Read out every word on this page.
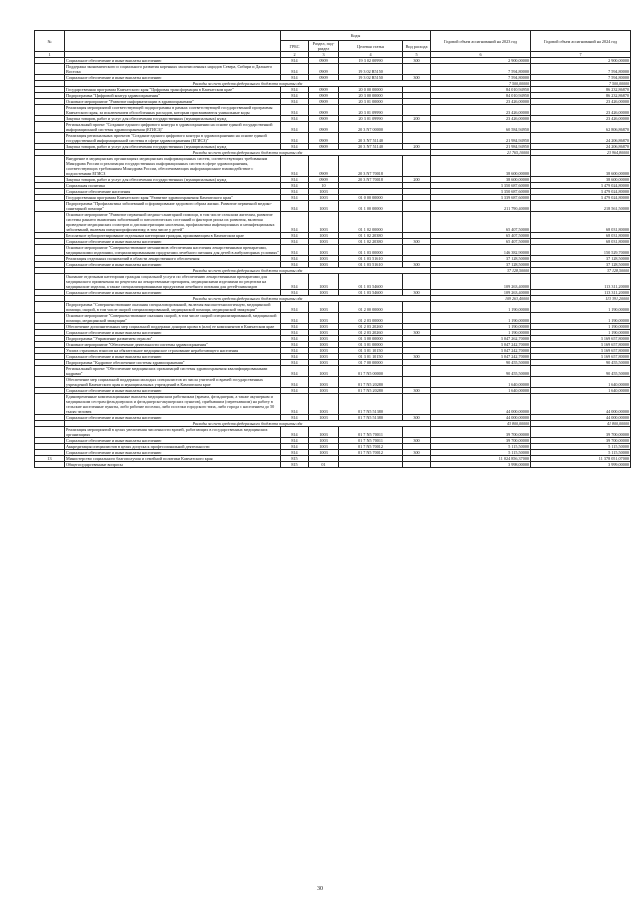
№		Коды				Годовой объем ассигнований на 2023 год	Годовой объем ассигнований на 2024 год
		ГРБС	Раздел, под-раздел	Целевая статья	Вид расхода		
1		2	3	4	5	6	7
	Социальное обеспечение и иные выплаты населению	814	0909	19 3 02 00990	300	2 900,00000	2 900,00000
	Поддержка экономического и социального развития коренных малочисленных народов Севера, Сибири и Дальнего Востока	814	0909	19 3 02 R5150		7 594,80000	7 594,80000
	Социальное обеспечение и иные выплаты населению	814	0909	19 3 02 R5150	300	7 594,80000	7 594,80000
	Расходы за счет средств федерального бюджета покрыты ода					7 500,00000	7 500,00000
	Государственная программа Камчатского края "Цифровая трансформация в Камчатском крае"	814	0909	20 0 00 00000		84 010,94950	86 232,86870
	Подпрограмма "Цифровой контур здравоохранения"	814	0909	20 3 00 00000		84 010,94950	86 232,86870
	Основное мероприятие "Развитие информатизации в здравоохранении"	814	0909	20 3 01 00000		23 426,00000	23 426,00000
	Реализация мероприятий соответствующей подпрограммы в рамках соответствующей государственной программы Камчатского края, за исключением обособленных расходов, которым присваиваются уникальные коды	814	0909	20 3 01 09990		23 426,00000	23 426,00000
	Закупка товаров, работ и услуг для обеспечения государственных (муниципальных) нужд	814	0909	20 3 01 09990	200	23 426,00000	23 426,00000
	Региональный проект "Создание единого цифрового контура в здравоохранении на основе единой государственной информационной системы здравоохранения (ЕГИСЗ)"	814	0909	20 3 N7 00000		60 584,94950	62 806,86870
	Реализация региональных проектов "Создание единого цифрового контура в здравоохранении на основе единой государственной информационной системы в сфере здравоохранения (ЕГИСЗ)"	814	0909	20 3 N7 51140		21 984,94950	24 206,86870
	Закупка товаров, работ и услуг для обеспечения государственных (муниципальных) нужд	814	0909	20 3 N7 51140	200	21 984,94950	24 206,86870
	Расходы за счет средств федерального бюджета покрыты ода					21 765,10000	23 964,80000
	Внедрение в медицинских организациях медицинских информационных систем, соответствующих требованиям Минздрава России и реализация государственных информационных систем в сфере здравоохранения, соответствующих требованиям Минздрава России, обеспечивающих информационное взаимодействие с подсистемами ЕГИСЗ	814	0909	20 3 N7 70018		38 600,00000	38 600,00000
	Закупка товаров, работ и услуг для обеспечения государственных (муниципальных) нужд	814	0909	20 3 N7 70018	200	38 600,00000	38 600,00000
	Социальная политика	814	10			3 350 687,60000	3 479 024,80000
	Социальное обеспечение населения	814	1003			3 350 687,60000	3 479 024,80000
	Государственная программа Камчатского края "Развитие здравоохранения Камчатского края"	814	1003	01 0 00 00000		3 339 687,60000	3 479 024,80000
	Подпрограмма "Профилактика заболеваний и формирование здорового образа жизни. Развитие первичной медико-санитарной помощи"	814	1003	01 1 00 00000		211 790,40000	218 561,50000
	Основное мероприятие "Развитие первичной медико-санитарной помощи, в том числе сельским жителям, развитие системы раннего выявления заболеваний и патологических состояний и факторов риска их развития, включая проведение медицинских осмотров и диспансеризации населения, профилактика инфекционных и неинфекционных заболеваний, включая иммунопрофилактику, в том числе у детей"	814	1003	01 1 02 00000		65 407,50000	68 031,80000
	Бесплатное зубопротезирование отдельным категориям граждан, проживающим в Камчатском крае	814	1003	01 1 02 20380		65 407,50000	68 031,80000
	Социальное обеспечение и иные выплаты населению	814	1003	01 1 02 20380	300	65 407,50000	68 031,80000
	Основное мероприятие "Совершенствование механизмов обеспечения населения лекарственными препаратами, медицинскими изделиями, специализированными продуктами лечебного питания для детей в амбулаторных условиях"	814	1003	01 1 03 00000		146 382,90000	150 529,70000
	Реализация отдельных полномочий в области лекарственного обеспечения	814	1003	01 1 03 51610		37 128,50000	37 128,50000
	Социальное обеспечение и иные выплаты населению	814	1003	01 1 03 51610	300	37 128,50000	37 128,50000
	Расходы за счет средств федерального бюджета покрыты ода					37 128,50000	37 128,50000
	Оказание отдельным категориям граждан социальной услуги по обеспечению лекарственными препаратами для медицинского применения по рецептам на лекарственные препараты, медицинскими изделиями по рецептам на медицинские изделия, а также специализированными продуктами лечебного питания для детей-инвалидов	814	1003	01 1 03 54600		109 263,40000	113 311,20000
	Социальное обеспечение и иные выплаты населению	814	1003	01 1 03 54600	300	109 263,40000	113 311,20000
	Расходы за счет средств федерального бюджета покрыты ода					109 263,40000	113 391,20000
	Подпрограмма "Совершенствование оказания специализированной, включая высокотехнологичную, медицинской помощи, скорой, в том числе скорой специализированной, медицинской помощи, медицинской эвакуации"	814	1003	01 2 00 00000		1 190,00000	1 190,00000
	Основное мероприятие "Совершенствование оказания скорой, в том числе скорой специализированной, медицинской помощи, медицинской эвакуации"	814	1003	01 2 03 00000		1 190,00000	1 190,00000
	Обеспечение дополнительных мер социальной поддержки доноров крови в (или) ее компонентов в Камчатском крае	814	1003	01 2 03 20260		1 190,00000	1 190,00000
	Социальное обеспечение и иные выплаты населению	814	1003	01 2 03 20260	300	1 190,00000	1 190,00000
	Подпрограмма "Управление развитием отрасли"	814	1003	01 3 00 00000		3 047 262,70000	3 169 657,80000
	Основное мероприятие "Обеспечение деятельности системы здравоохранения"	814	1003	01 3 01 00000		3 047 242,70000	3 169 657,80000
	Уплата страховых взносов на обязательное медицинское страхование неработающего населения	814	1003	01 3 01 10150		3 047 242,70000	3 169 657,80000
	Социальное обеспечение и иные выплаты населению	814	1003	01 3 01 10150	300	3 047 242,70000	3 169 657,80000
	Подпрограмма "Кадровое обеспечение системы здравоохранения"	814	1003	01 7 00 00000		90 455,50000	90 455,50000
	Региональный проект "Обеспечение медицинских организаций системы здравоохранения квалифицированными кадрами"	814	1003	01 7 N5 00000		90 455,50000	90 455,50000
	Обеспечение мер социальной поддержки молодых специалистов из числа учителей и врачей государственных учреждений Камчатского края и муниципальных учреждений в Камчатском крае	814	1003	01 7 N5 20280		1 640,00000	1 640,00000
	Социальное обеспечение и иные выплаты населению	814	1003	01 7 N5 20280	300	1 640,00000	1 640,00000
	Единовременные компенсационные выплаты медицинским работникам (врачам, фельдшерам, а также акушеркам и медицинским сестрам фельдшерских и фельдшерско-акушерских пунктов), прибывшим (переехавшим) на работу в сельские населенные пункты, либо рабочие поселки, либо поселки городского типа, либо города с населением до 50 тысяч человек	814	1003	01 7 N5 51380		44 000,00000	44 000,00000
	Социальное обеспечение и иные выплаты населению	814	1003	01 7 N5 51380	300	44 000,00000	44 000,00000
	Расходы за счет средств федерального бюджета покрыты ода					43 800,00000	41 800,00000
	Реализация мероприятий в целях увеличения численности врачей, работающих в государственных медицинских организациях	814	1003	01 7 N5 70011		39 700,00000	39 700,00000
	Социальное обеспечение и иные выплаты населению	814	1003	01 7 N5 70011	300	39 700,00000	39 700,00000
	Аккредитация специалистов в целях допуска к профессиональной деятельности	814	1003	01 7 N5 70012		5 115,50000	5 115,50000
	Социальное обеспечение и иные выплаты населению	814	1003	01 7 N5 70012	300	5 115,50000	5 115,50000
13	Министерство социального благополучия и семейной политики Камчатского края	815				11 024 856,37000	11 378 051,07000
	Общегосударственные вопросы	815	01			3 998,00000	3 999,00000
30
